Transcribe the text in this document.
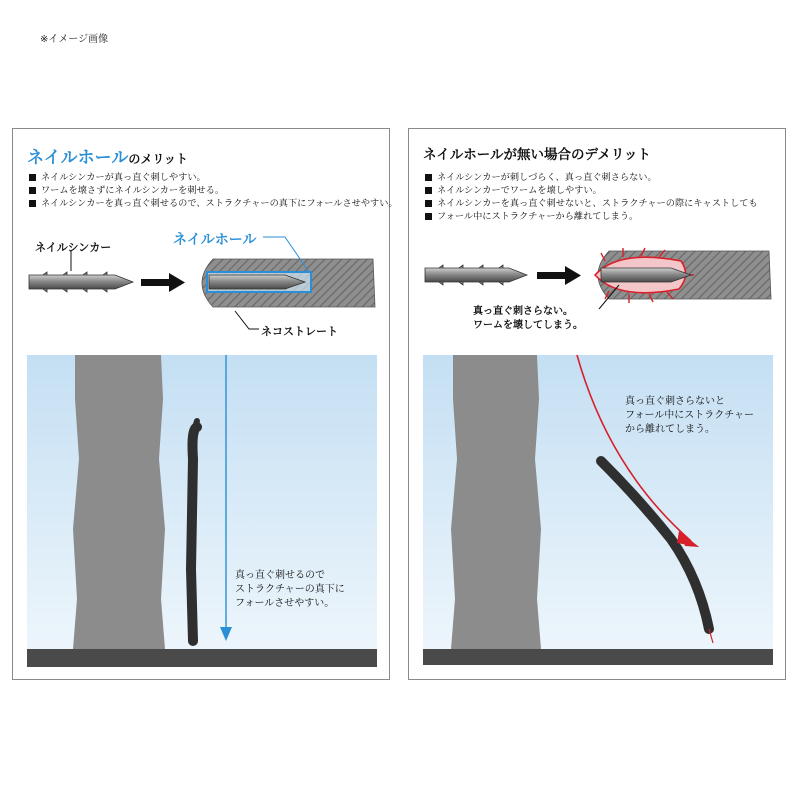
※イメージ画像
ネイルホールのメリット
ネイルシンカーが真っ直ぐ刺しやすい。
ワームを壊さずにネイルシンカーを刺せる。
ネイルシンカーを真っ直ぐ刺せるので、ストラクチャーの真下にフォールさせやすい。
ネイルシンカー	ネイルホール
ネコストレート
真っ直ぐ刺せるので
ストラクチャーの真下に
フォールさせやすい。
ネイルホールが無い場合のデメリット
ネイルシンカーが刺しづらく、真っ直ぐ刺さらない。
ネイルシンカーでワームを壊しやすい。
ネイルシンカーを真っ直ぐ刺せないと、ストラクチャーの際にキャストしても
フォール中にストラクチャーから離れてしまう。
真っ直ぐ刺さらない。
ワームを壊してしまう。
真っ直ぐ刺さらないと
フォール中にストラクチャー
から離れてしまう。
